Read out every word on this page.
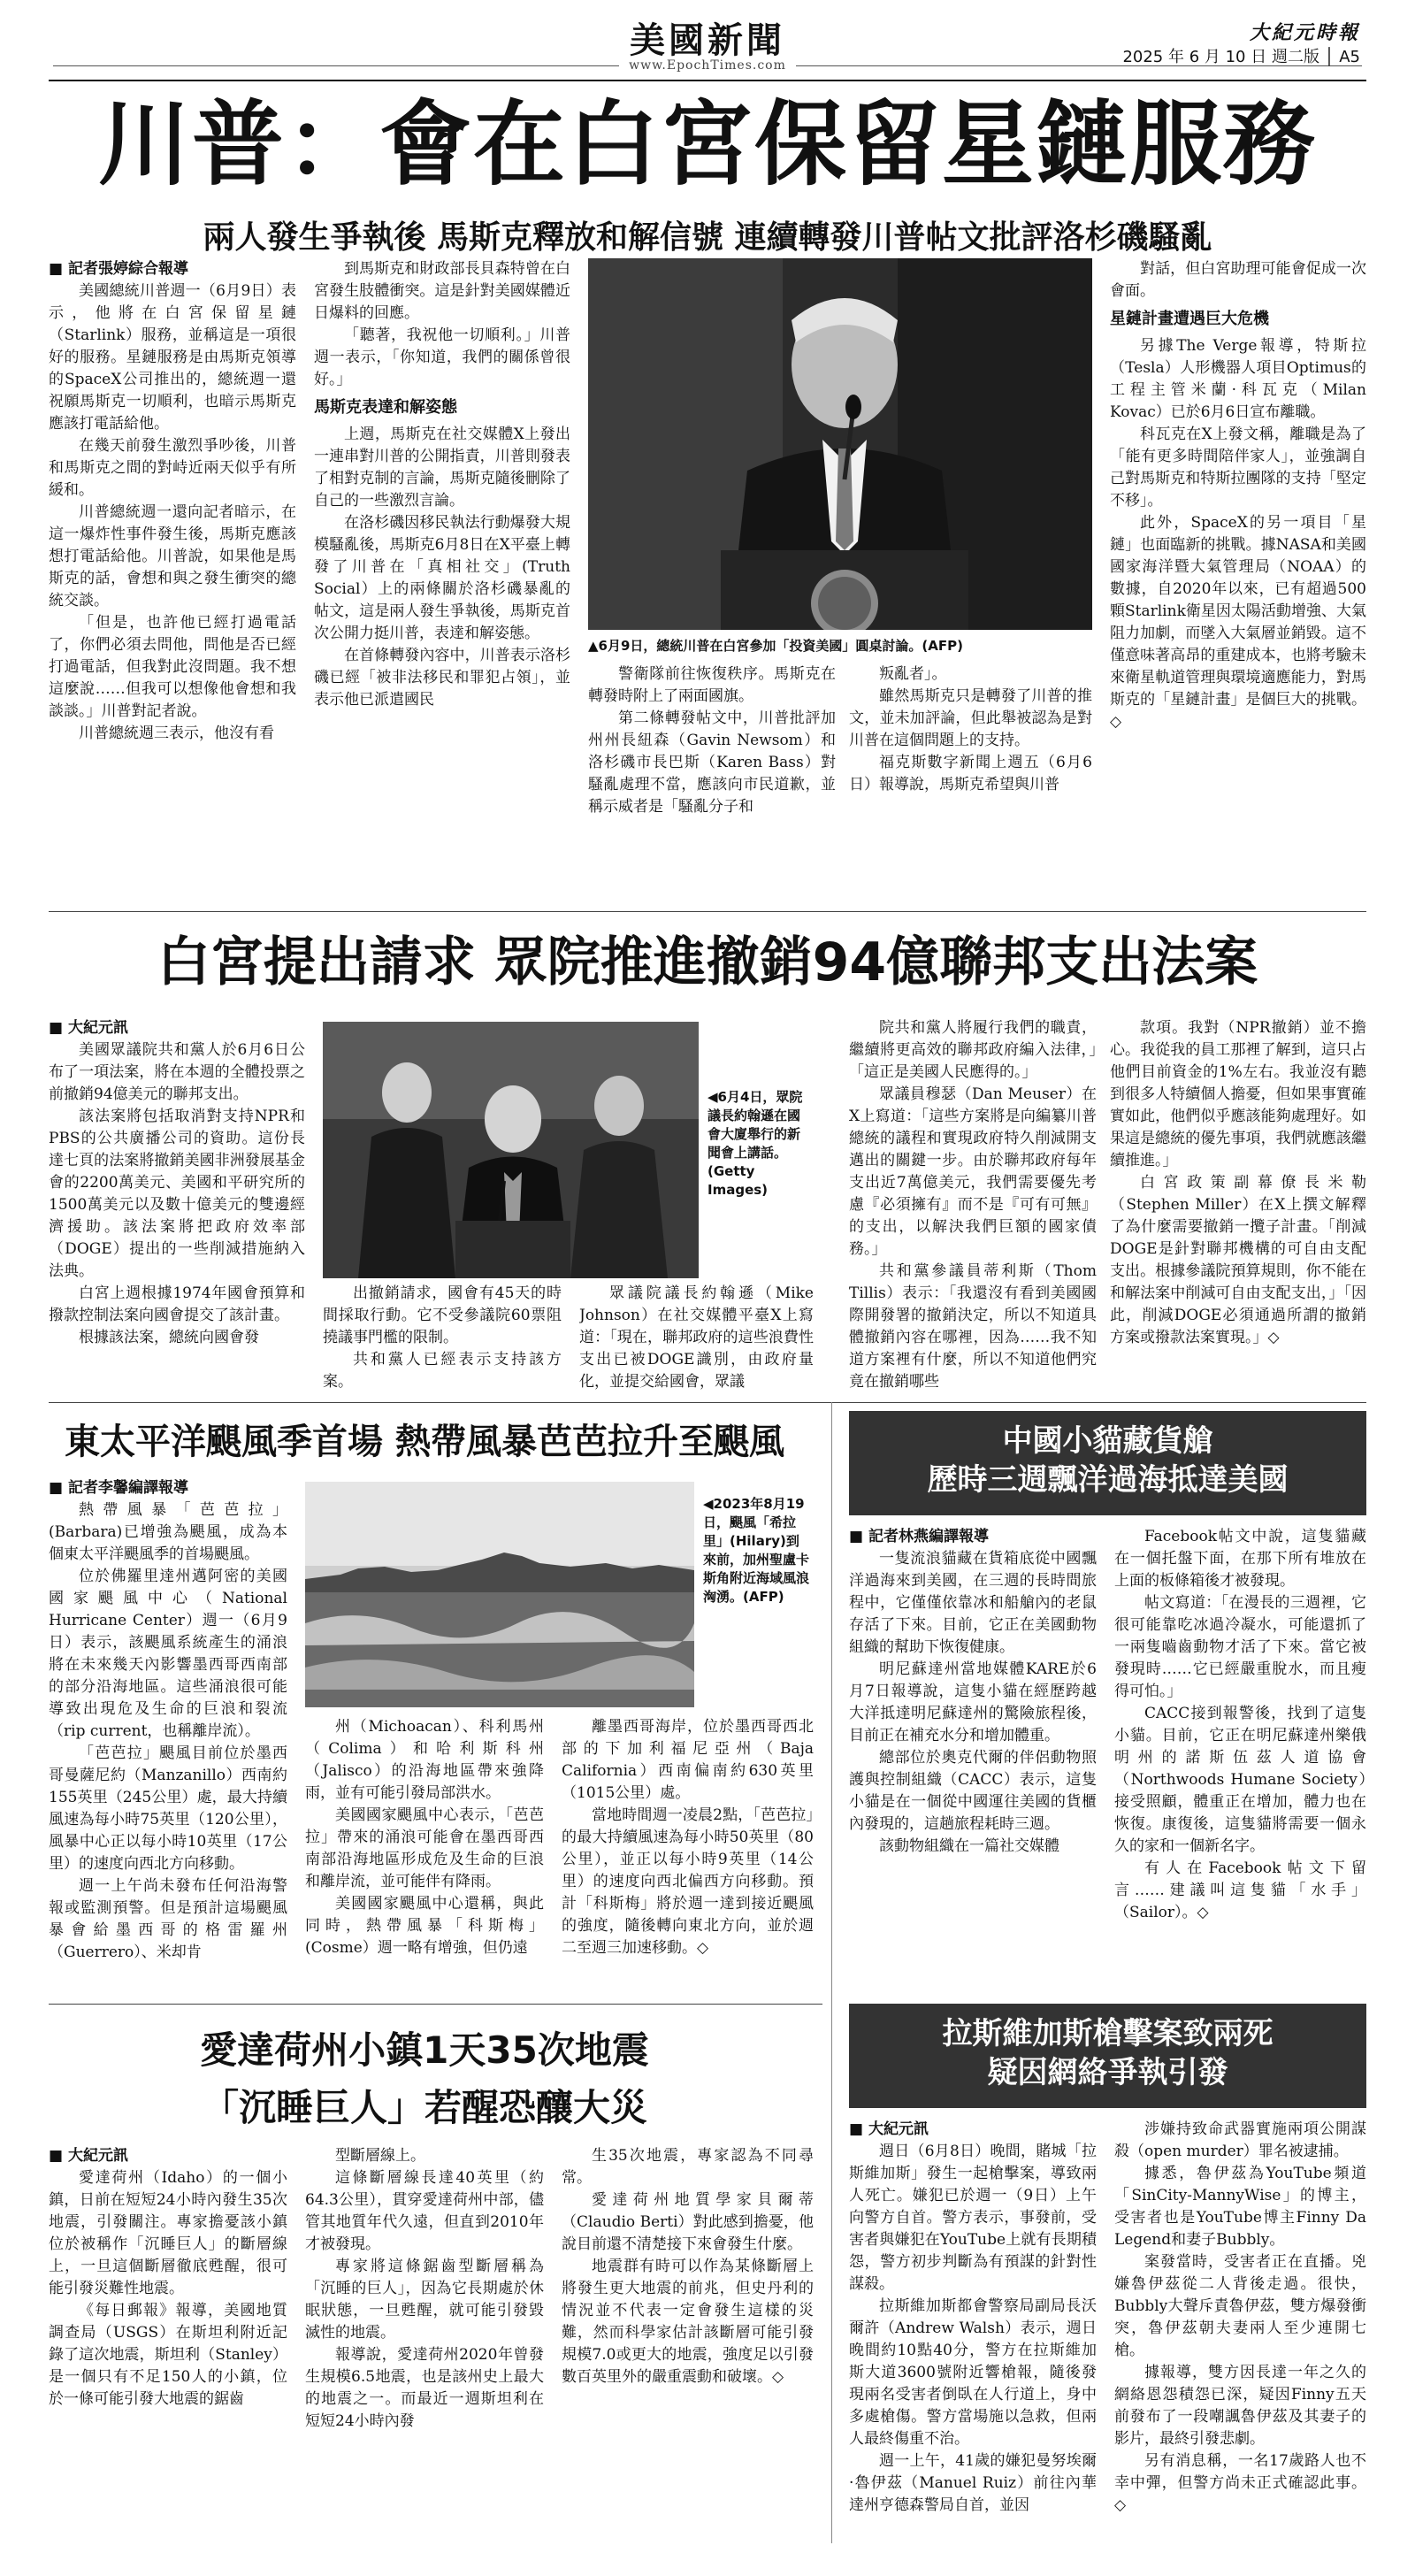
美國新聞
www.EpochTimes.com
大紀元時報
2025 年 6 月 10 日 週二版 │ A5
川普：會在白宮保留星鏈服務
兩人發生爭執後 馬斯克釋放和解信號 連續轉發川普帖文批評洛杉磯騷亂
■ 記者張婷綜合報導

美國總統川普週一（6月9日）表示，他將在白宮保留星鏈（Starlink）服務，並稱這是一項很好的服務。星鏈服務是由馬斯克領導的SpaceX公司推出的，總統週一還祝願馬斯克一切順利，也暗示馬斯克應該打電話給他。

在幾天前發生激烈爭吵後，川普和馬斯克之間的對峙近兩天似乎有所緩和。

川普總統週一還向記者暗示，在這一爆炸性事件發生後，馬斯克應該想打電話給他。川普說，如果他是馬斯克的話，會想和與之發生衝突的總統交談。

「但是，也許他已經打過電話了，你們必須去問他，問他是否已經打過電話，但我對此沒問題。我不想這麼說……但我可以想像他會想和我談談。」川普對記者說。

川普總統週三表示，他沒有看

到馬斯克和財政部長貝森特曾在白宮發生肢體衝突。這是針對美國媒體近日爆料的回應。

「聽著，我祝他一切順利。」川普週一表示，「你知道，我們的關係曾很好。」

馬斯克表達和解姿態

上週，馬斯克在社交媒體X上發出一連串對川普的公開指責，川普則發表了相對克制的言論，馬斯克隨後刪除了自己的一些激烈言論。

在洛杉磯因移民執法行動爆發大規模騷亂後，馬斯克6月8日在X平臺上轉發了川普在「真相社交」(Truth Social）上的兩條關於洛杉磯暴亂的帖文，這是兩人發生爭執後，馬斯克首次公開力挺川普，表達和解姿態。

在首條轉發內容中，川普表示洛杉磯已經「被非法移民和罪犯占領」，並表示他已派遣國民

▲6月9日，總統川普在白宮參加「投資美國」圓桌討論。(AFP)

警衛隊前往恢復秩序。馬斯克在轉發時附上了兩面國旗。

第二條轉發帖文中，川普批評加州州長紐森（Gavin Newsom）和洛杉磯市長巴斯（Karen Bass）對騷亂處理不當，應該向市民道歉，並稱示威者是「騷亂分子和

叛亂者」。

雖然馬斯克只是轉發了川普的推文，並未加評論，但此舉被認為是對川普在這個問題上的支持。

福克斯數字新聞上週五（6月6日）報導說，馬斯克希望與川普

對話，但白宮助理可能會促成一次會面。

星鏈計畫遭遇巨大危機

另據The Verge報導，特斯拉（Tesla）人形機器人項目Optimus的工程主管米蘭·科瓦克（Milan Kovac）已於6月6日宣布離職。

科瓦克在X上發文稱，離職是為了「能有更多時間陪伴家人」，並強調自己對馬斯克和特斯拉團隊的支持「堅定不移」。

此外，SpaceX的另一項目「星鏈」也面臨新的挑戰。據NASA和美國國家海洋暨大氣管理局（NOAA）的數據，自2020年以來，已有超過500顆Starlink衛星因太陽活動增強、大氣阻力加劇，而墜入大氣層並銷毀。這不僅意味著高昂的重建成本，也將考驗未來衛星軌道管理與環境適應能力，對馬斯克的「星鏈計畫」是個巨大的挑戰。◇

白宮提出請求 眾院推進撤銷94億聯邦支出法案
■ 大紀元訊

美國眾議院共和黨人於6月6日公布了一項法案，將在本週的全體投票之前撤銷94億美元的聯邦支出。

該法案將包括取消對支持NPR和PBS的公共廣播公司的資助。這份長達七頁的法案將撤銷美國非洲發展基金會的2200萬美元、美國和平研究所的1500萬美元以及數十億美元的雙邊經濟援助。該法案將把政府效率部（DOGE）提出的一些削減措施納入法典。

白宮上週根據1974年國會預算和撥款控制法案向國會提交了該計畫。

根據該法案，總統向國會發

◀6月4日，眾院議長約翰遜在國會大廈舉行的新聞會上講話。(Getty Images)

出撤銷請求，國會有45天的時間採取行動。它不受參議院60票阻撓議事門檻的限制。

共和黨人已經表示支持該方案。

眾議院議長約翰遜（Mike Johnson）在社交媒體平臺X上寫道：「現在，聯邦政府的這些浪費性支出已被DOGE識別，由政府量化，並提交給國會，眾議

院共和黨人將履行我們的職責，繼續將更高效的聯邦政府編入法律，」「這正是美國人民應得的。」

眾議員穆瑟（Dan Meuser）在X上寫道：「這些方案將是向編纂川普總統的議程和實現政府特久削減開支邁出的關鍵一步。由於聯邦政府每年支出近7萬億美元，我們需要優先考慮『必須擁有』而不是『可有可無』的支出，以解決我們巨額的國家債務。」

共和黨參議員蒂利斯（Thom Tillis）表示：「我還沒有看到美國國際開發署的撤銷決定，所以不知道具體撤銷內容在哪裡，因為……我不知道方案裡有什麼，所以不知道他們究竟在撤銷哪些

款項。我對（NPR撤銷）並不擔心。我從我的員工那裡了解到，這只占他們目前資金的1%左右。我並沒有聽到很多人特續個人擔憂，但如果事實確實如此，他們似乎應該能夠處理好。如果這是總統的優先事項，我們就應該繼續推進。」

白宮政策副幕僚長米勒（Stephen Miller）在X上撰文解釋了為什麼需要撤銷一攬子計畫。「削減DOGE是針對聯邦機構的可自由支配支出。根據參議院預算規則，你不能在和解法案中削減可自由支配支出，」「因此，削減DOGE必須通過所謂的撤銷方案或撥款法案實現。」◇

東太平洋颶風季首場 熱帶風暴芭芭拉升至颶風
■ 記者李馨編譯報導

熱帶風暴「芭芭拉」(Barbara)已增強為颶風，成為本個東太平洋颶風季的首場颶風。

位於佛羅里達州邁阿密的美國國家颶風中心（National Hurricane Center）週一（6月9日）表示，該颶風系統產生的涌浪將在未來幾天內影響墨西哥西南部的部分沿海地區。這些涌浪很可能導致出現危及生命的巨浪和裂流（rip current，也稱離岸流）。

「芭芭拉」颶風目前位於墨西哥曼薩尼約（Manzanillo）西南約155英里（245公里）處，最大持續風速為每小時75英里（120公里），風暴中心正以每小時10英里（17公里）的速度向西北方向移動。

週一上午尚未發布任何沿海警報或監測預警。但是預計這場颶風暴會給墨西哥的格雷羅州（Guerrero）、米却肯

◀2023年8月19日，颶風「希拉里」(Hilary)到來前，加州聖盧卡斯角附近海域風浪洶湧。(AFP)

州（Michoacan）、科利馬州（Colima）和哈利斯科州（Jalisco）的沿海地區帶來強降雨，並有可能引發局部洪水。

美國國家颶風中心表示，「芭芭拉」帶來的涌浪可能會在墨西哥西南部沿海地區形成危及生命的巨浪和離岸流，並可能伴有降雨。

美國國家颶風中心還稱，與此同時，熱帶風暴「科斯梅」(Cosme）週一略有增強，但仍遠

離墨西哥海岸，位於墨西哥西北部的下加利福尼亞州（Baja California）西南偏南約630英里（1015公里）處。

當地時間週一凌晨2點，「芭芭拉」的最大持續風速為每小時50英里（80公里），並正以每小時9英里（14公里）的速度向西北偏西方向移動。預計「科斯梅」將於週一達到接近颶風的強度，隨後轉向東北方向，並於週二至週三加速移動。◇

中國小貓藏貨艙
歷時三週飄洋過海抵達美國
■ 記者林燕編譯報導

一隻流浪貓藏在貨箱底從中國飄洋過海來到美國，在三週的長時間旅程中，它僅僅依靠冰和船艙內的老鼠存活了下來。目前，它正在美國動物組織的幫助下恢復健康。

明尼蘇達州當地媒體KARE於6月7日報導說，這隻小貓在經歷跨越大洋抵達明尼蘇達州的驚險旅程後，目前正在補充水分和增加體重。

總部位於奧克代爾的伴侶動物照護與控制組織（CACC）表示，這隻小貓是在一個從中國運往美國的貨櫃內發現的，這趟旅程耗時三週。

該動物組織在一篇社交媒體

Facebook帖文中說，這隻貓藏在一個托盤下面，在那下所有堆放在上面的板條箱後才被發現。

帖文寫道：「在漫長的三週裡，它很可能靠吃冰過冷凝水，可能還抓了一兩隻嚙齒動物才活了下來。當它被發現時……它已經嚴重脫水，而且瘦得可怕。」

CACC接到報警後，找到了這隻小貓。目前，它正在明尼蘇達州樂俄明州的諾斯伍茲人道協會（Northwoods Humane Society）接受照顧，體重正在增加，體力也在恢復。康復後，這隻貓將需要一個永久的家和一個新名字。

有人在Facebook帖文下留言……建議叫這隻貓「水手」（Sailor）。◇

拉斯維加斯槍擊案致兩死
疑因網絡爭執引發
■ 大紀元訊

週日（6月8日）晚間，賭城「拉斯維加斯」發生一起槍擊案，導致兩人死亡。嫌犯已於週一（9日）上午向警方自首。警方表示，事發前，受害者與嫌犯在YouTube上就有長期積怨，警方初步判斷為有預謀的針對性謀殺。

拉斯維加斯都會警察局副局長沃爾許（Andrew Walsh）表示，週日晚間約10點40分，警方在拉斯維加斯大道3600號附近響槍報，隨後發現兩名受害者倒臥在人行道上，身中多處槍傷。警方當場施以急救，但兩人最終傷重不治。

週一上午，41歲的嫌犯曼努埃爾·魯伊茲（Manuel Ruiz）前往內華達州亨德森警局自首，並因

涉嫌持致命武器實施兩項公開謀殺（open murder）罪名被逮捕。

據悉，魯伊茲為YouTube頻道「SinCity-MannyWise」的博主，受害者也是YouTube博主Finny Da Legend和妻子Bubbly。

案發當時，受害者正在直播。兇嫌魯伊茲從二人背後走過。很快，Bubbly大聲斥責魯伊茲，雙方爆發衝突，魯伊茲朝夫妻兩人至少連開七槍。

據報導，雙方因長達一年之久的網絡恩怨積怨已深，疑因Finny五天前發布了一段嘲諷魯伊茲及其妻子的影片，最終引發悲劇。

另有消息稱，一名17歲路人也不幸中彈，但警方尚未正式確認此事。◇

愛達荷州小鎮1天35次地震
「沉睡巨人」若醒恐釀大災
■ 大紀元訊

愛達荷州（Idaho）的一個小鎮，日前在短短24小時內發生35次地震，引發關注。專家擔憂該小鎮位於被稱作「沉睡巨人」的斷層線上，一旦這個斷層徹底甦醒，很可能引發災難性地震。

《每日郵報》報導，美國地質調查局（USGS）在斯坦利附近記錄了這次地震，斯坦利（Stanley）是一個只有不足150人的小鎮，位於一條可能引發大地震的鋸齒

型斷層線上。

這條斷層線長達40英里（約64.3公里），貫穿愛達荷州中部，儘管其地質年代久遠，但直到2010年才被發現。

專家將這條鋸齒型斷層稱為「沉睡的巨人」，因為它長期處於休眠狀態，一旦甦醒，就可能引發毀滅性的地震。

報導說，愛達荷州2020年曾發生規模6.5地震，也是該州史上最大的地震之一。而最近一週斯坦利在短短24小時內發

生35次地震，專家認為不同尋常。

愛達荷州地質學家貝爾蒂（Claudio Berti）對此感到擔憂，他說目前還不清楚接下來會發生什麼。

地震群有時可以作為某條斷層上將發生更大地震的前兆，但史丹利的情況並不代表一定會發生這樣的災難，然而科學家估計該斷層可能引發規模7.0或更大的地震，強度足以引發數百英里外的嚴重震動和破壞。◇
